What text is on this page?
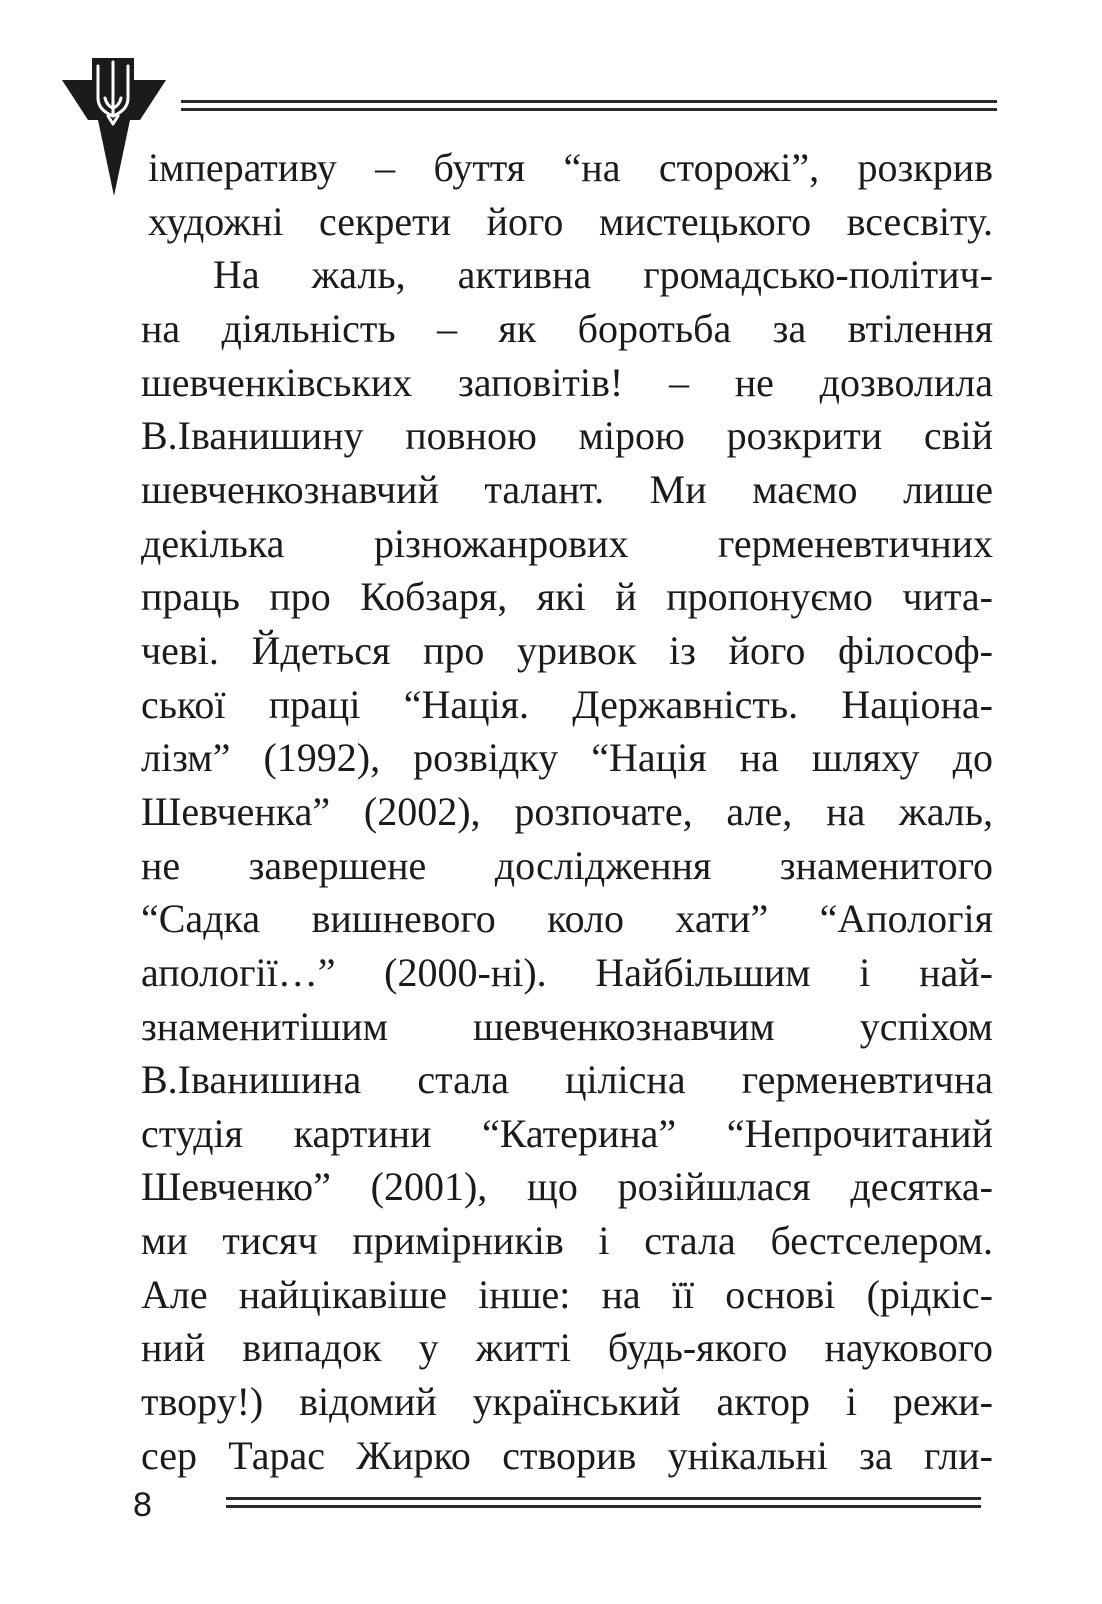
імперативу – буття “на сторожі”, розкрив
художні секрети його мистецького всесвіту.
На жаль, активна громадсько-політич-
на діяльність – як боротьба за втілення
шевченківських заповітів! – не дозволила
В.Іванишину повною мірою розкрити свій
шевченкознавчий талант. Ми маємо лише
декілька різножанрових герменевтичних
праць про Кобзаря, які й пропонуємо чита-
чеві. Йдеться про уривок із його філософ-
ської праці “Нація. Державність. Націона-
лізм” (1992), розвідку “Нація на шляху до
Шевченка” (2002), розпочате, але, на жаль,
не завершене дослідження знаменитого
“Садка вишневого коло хати” “Апологія
апології…” (2000-ні). Найбільшим і най-
знаменитішим шевченкознавчим успіхом
В.Іванишина стала цілісна герменевтична
студія картини “Катерина” “Непрочитаний
Шевченко” (2001), що розійшлася десятка-
ми тисяч примірників і стала бестселером.
Але найцікавіше інше: на її основі (рідкіс-
ний випадок у житті будь-якого наукового
твору!) відомий український актор і режи-
сер Тарас Жирко створив унікальні за гли-
8
